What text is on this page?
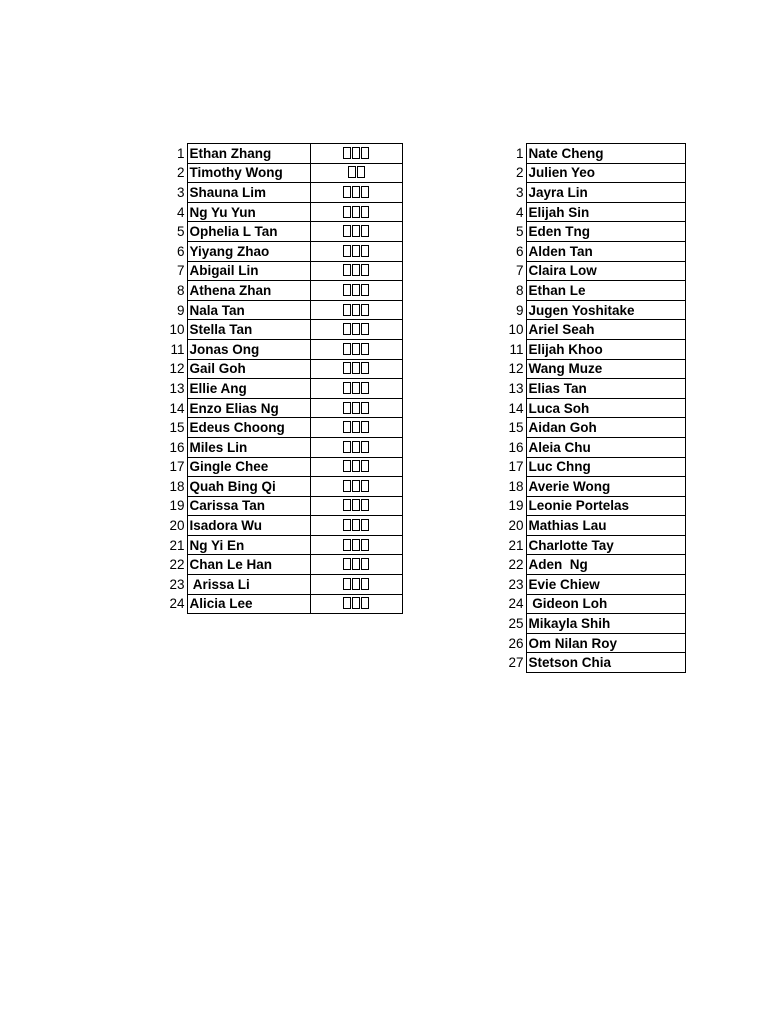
1	Ethan Zhang	
2	Timothy Wong	
3	Shauna Lim	
4	Ng Yu Yun	
5	Ophelia L Tan	
6	Yiyang Zhao	
7	Abigail Lin	
8	Athena Zhan	
9	Nala Tan	
10	Stella Tan	
11	Jonas Ong	
12	Gail Goh	
13	Ellie Ang	
14	Enzo Elias Ng	
15	Edeus Choong	
16	Miles Lin	
17	Gingle Chee	
18	Quah Bing Qi	
19	Carissa Tan	
20	Isadora Wu	
21	Ng Yi En	
22	Chan Le Han	
23	Arissa Li	
24	Alicia Lee	
1	Nate Cheng
2	Julien Yeo
3	Jayra Lin
4	Elijah Sin
5	Eden Tng
6	Alden Tan
7	Claira Low
8	Ethan Le
9	Jugen Yoshitake
10	Ariel Seah
11	Elijah Khoo
12	Wang Muze
13	Elias Tan
14	Luca Soh
15	Aidan Goh
16	Aleia Chu
17	Luc Chng
18	Averie Wong
19	Leonie Portelas
20	Mathias Lau
21	Charlotte Tay
22	Aden  Ng
23	Evie Chiew
24	Gideon Loh
25	Mikayla Shih
26	Om Nilan Roy
27	Stetson Chia
